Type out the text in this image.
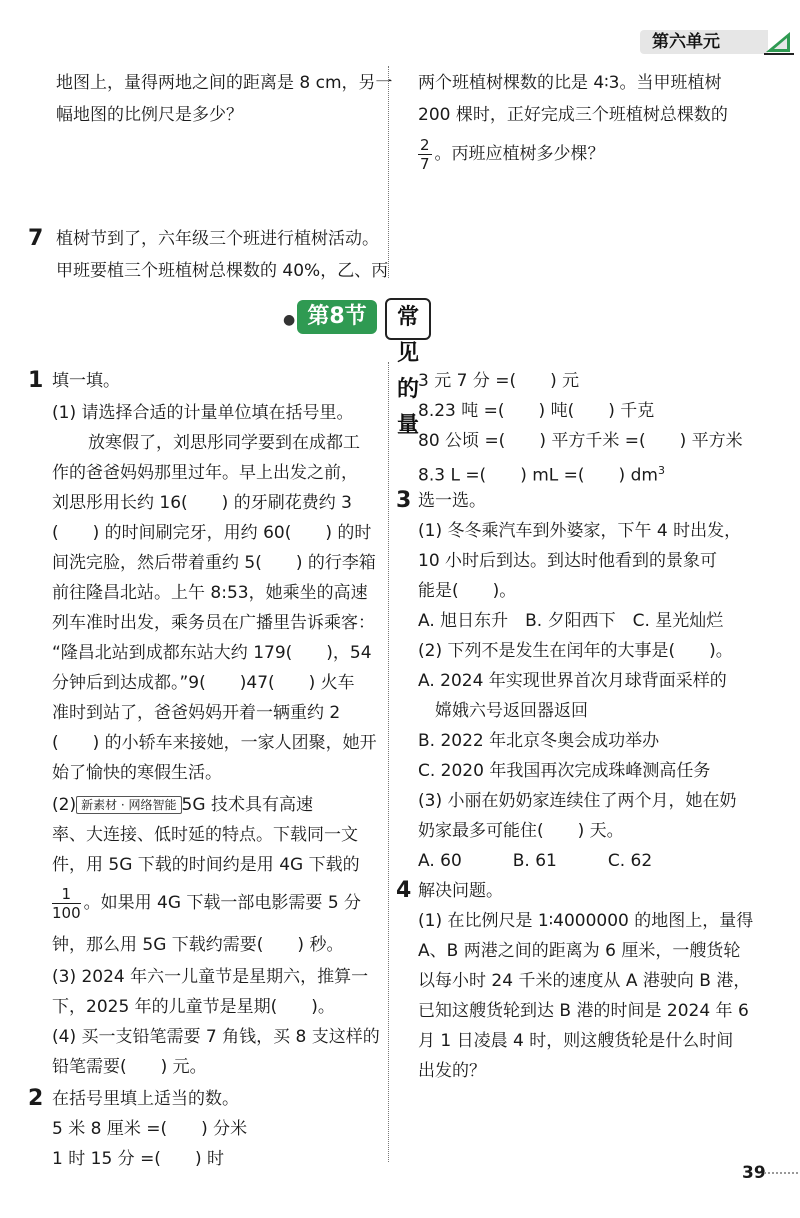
第六单元
地图上，量得两地之间的距离是 8 cm，另一
幅地图的比例尺是多少？
两个班植树棵数的比是 4∶3。当甲班植树
200 棵时，正好完成三个班植树总棵数的
$\frac{2}{7}$ 。丙班应植树多少棵？
7 植树节到了，六年级三个班进行植树活动。
甲班要植三个班植树总棵数的 40%，乙、丙
● 第8节	常见的量
1 填一填。
(1) 请选择合适的计量单位填在括号里。
放寒假了，刘思彤同学要到在成都工
作的爸爸妈妈那里过年。早上出发之前，
刘思彤用长约 16(　　) 的牙刷花费约 3
(　　) 的时间刷完牙，用约 60(　　) 的时
间洗完脸，然后带着重约 5(　　) 的行李箱
前往隆昌北站。上午 8:53，她乘坐的高速
列车准时出发，乘务员在广播里告诉乘客：
“隆昌北站到成都东站大约 179(　　)，54
分钟后到达成都。”9(　　)47(　　) 火车
准时到站了，爸爸妈妈开着一辆重约 2
(　　) 的小轿车来接她，一家人团聚，她开
始了愉快的寒假生活。
(2) 新素材 · 网络智能 5G 技术具有高速
率、大连接、低时延的特点。下载同一文
件，用 5G 下载的时间约是用 4G 下载的
$\frac{1}{100}$ 。如果用 4G 下载一部电影需要 5 分
钟，那么用 5G 下载约需要(　　) 秒。
(3) 2024 年六一儿童节是星期六，推算一
下，2025 年的儿童节是星期(　　)。
(4) 买一支铅笔需要 7 角钱，买 8 支这样的
铅笔需要(　　) 元。
2 在括号里填上适当的数。
5 米 8 厘米 =(　　) 分米
1 时 15 分 =(　　) 时
3 元 7 分 =(　　) 元
8.23 吨 =(　　) 吨(　　) 千克
80 公顷 =(　　) 平方千米 =(　　) 平方米
8.3 L =(　　) mL =(　　) $dm^3$
3 选一选。
(1) 冬冬乘汽车到外婆家，下午 4 时出发，
10 小时后到达。到达时他看到的景象可
能是(　　)。
A. 旭日东升　B. 夕阳西下　C. 星光灿烂
(2) 下列不是发生在闰年的大事是(　　)。
A. 2024 年实现世界首次月球背面采样的
　嫦娥六号返回器返回
B. 2022 年北京冬奥会成功举办
C. 2020 年我国再次完成珠峰测高任务
(3) 小丽在奶奶家连续住了两个月，她在奶
奶家最多可能住(　　) 天。
A. 60　　　B. 61　　　C. 62
4 解决问题。
(1) 在比例尺是 1∶4000000 的地图上，量得
A、B 两港之间的距离为 6 厘米，一艘货轮
以每小时 24 千米的速度从 A 港驶向 B 港，
已知这艘货轮到达 B 港的时间是 2024 年 6
月 1 日凌晨 4 时，则这艘货轮是什么时间
出发的？
39
